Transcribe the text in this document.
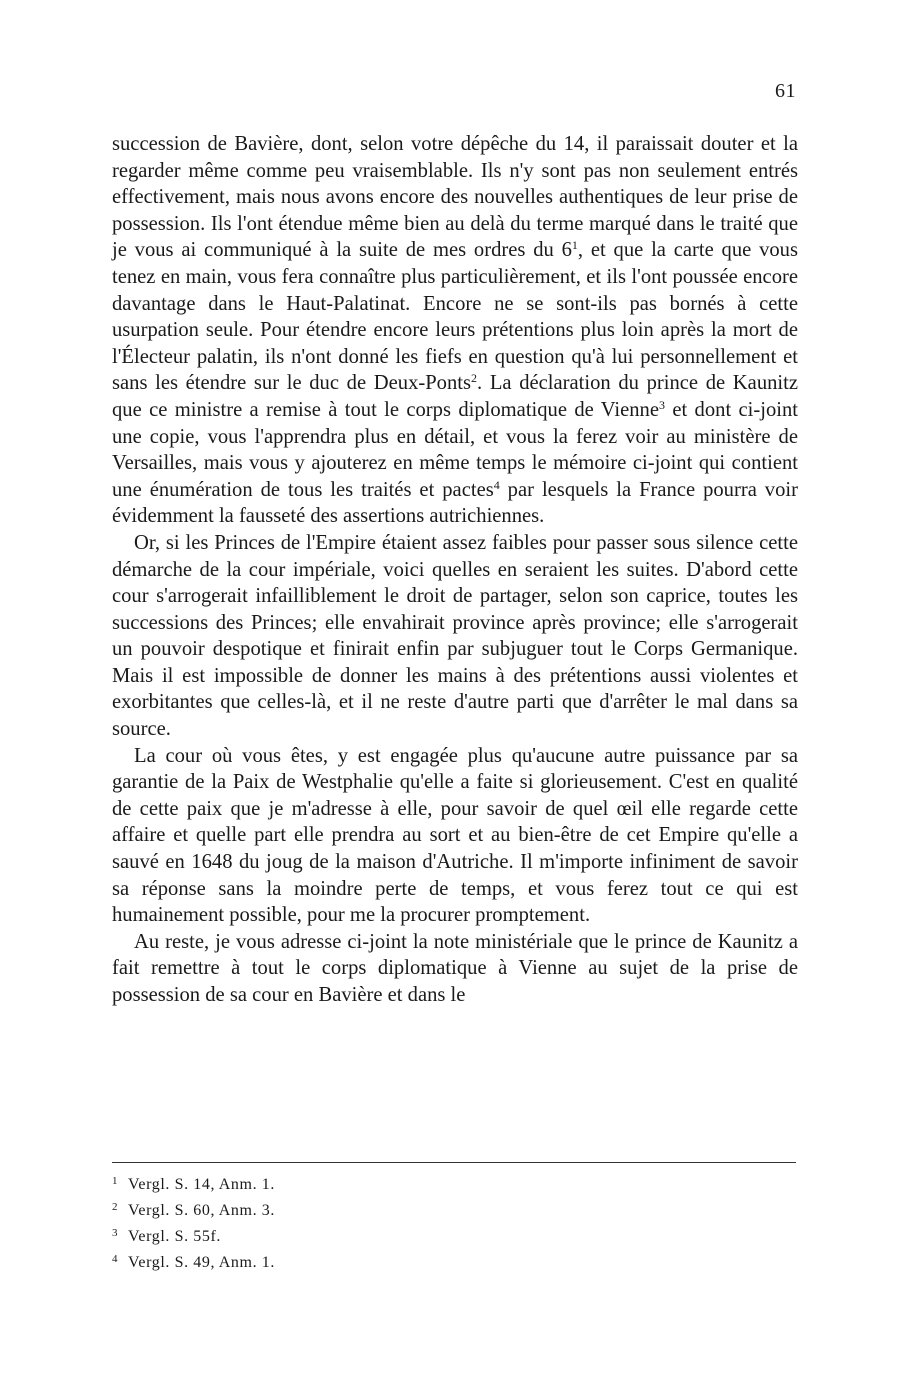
61

succession de Bavière, dont, selon votre dépêche du 14, il paraissait douter et la regarder même comme peu vraisemblable. Ils n'y sont pas non seulement entrés effectivement, mais nous avons encore des nouvelles authentiques de leur prise de possession. Ils l'ont étendue même bien au delà du terme marqué dans le traité que je vous ai communiqué à la suite de mes ordres du $6^1$, et que la carte que vous tenez en main, vous fera connaître plus particulièrement, et ils l'ont poussée encore davantage dans le Haut-Palatinat. Encore ne se sont-ils pas bornés à cette usurpation seule. Pour étendre encore leurs prétentions plus loin après la mort de l'Électeur palatin, ils n'ont donné les fiefs en question qu'à lui personnellement et sans les étendre sur le duc de Deux-Ponts$^2$. La déclaration du prince de Kaunitz que ce ministre a remise à tout le corps diplomatique de Vienne$^3$ et dont ci-joint une copie, vous l'apprendra plus en détail, et vous la ferez voir au ministère de Versailles, mais vous y ajouterez en même temps le mémoire ci-joint qui contient une énumération de tous les traités et pactes$^4$ par lesquels la France pourra voir évidemment la fausseté des assertions autrichiennes.

Or, si les Princes de l'Empire étaient assez faibles pour passer sous silence cette démarche de la cour impériale, voici quelles en seraient les suites. D'abord cette cour s'arrogerait infailliblement le droit de partager, selon son caprice, toutes les successions des Princes; elle envahirait province après province; elle s'arrogerait un pouvoir despotique et finirait enfin par subjuguer tout le Corps Germanique. Mais il est impossible de donner les mains à des prétentions aussi violentes et exorbitantes que celles-là, et il ne reste d'autre parti que d'arrêter le mal dans sa source.

La cour où vous êtes, y est engagée plus qu'aucune autre puissance par sa garantie de la Paix de Westphalie qu'elle a faite si glorieusement. C'est en qualité de cette paix que je m'adresse à elle, pour savoir de quel œil elle regarde cette affaire et quelle part elle prendra au sort et au bien-être de cet Empire qu'elle a sauvé en 1648 du joug de la maison d'Autriche. Il m'importe infiniment de savoir sa réponse sans la moindre perte de temps, et vous ferez tout ce qui est humainement possible, pour me la procurer promptement.

Au reste, je vous adresse ci-joint la note ministériale que le prince de Kaunitz a fait remettre à tout le corps diplomatique à Vienne au sujet de la prise de possession de sa cour en Bavière et dans le

1 Vergl. S. 14, Anm. 1.
2 Vergl. S. 60, Anm. 3.
3 Vergl. S. 55f.
4 Vergl. S. 49, Anm. 1.
